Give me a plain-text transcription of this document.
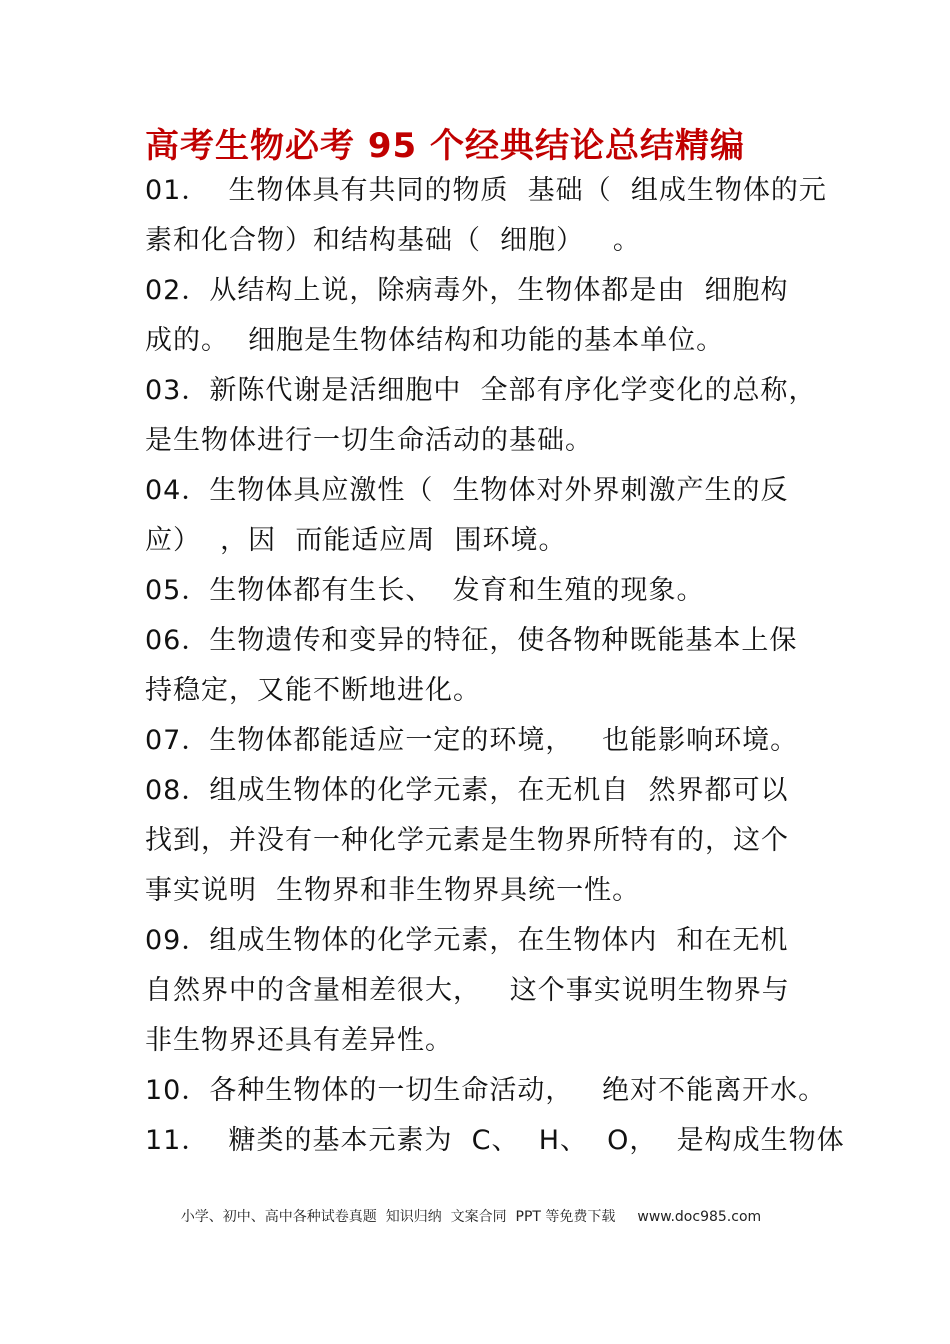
高考生物必考 95 个经典结论总结精编
01．  生物体具有共同的物质  基础（  组成生物体的元
素和化合物）和结构基础（  细胞）   。
02．从结构上说，除病毒外，生物体都是由  细胞构
成的。  细胞是生物体结构和功能的基本单位。
03．新陈代谢是活细胞中  全部有序化学变化的总称，
是生物体进行一切生命活动的基础。
04．生物体具应激性（  生物体对外界刺激产生的反
应）  ，因  而能适应周  围环境。
05．生物体都有生长、  发育和生殖的现象。
06．生物遗传和变异的特征，使各物种既能基本上保
持稳定，又能不断地进化。
07．生物体都能适应一定的环境，   也能影响环境。
08．组成生物体的化学元素，在无机自  然界都可以
找到，并没有一种化学元素是生物界所特有的，这个
事实说明  生物界和非生物界具统一性。
09．组成生物体的化学元素，在生物体内  和在无机
自然界中的含量相差很大，   这个事实说明生物界与
非生物界还具有差异性。
10．各种生物体的一切生命活动，   绝对不能离开水。
11．  糖类的基本元素为  C、  H、  O，  是构成生物体

小学、初中、高中各种试卷真题  知识归纳  文案合同  PPT 等免费下载 www.doc985.com
